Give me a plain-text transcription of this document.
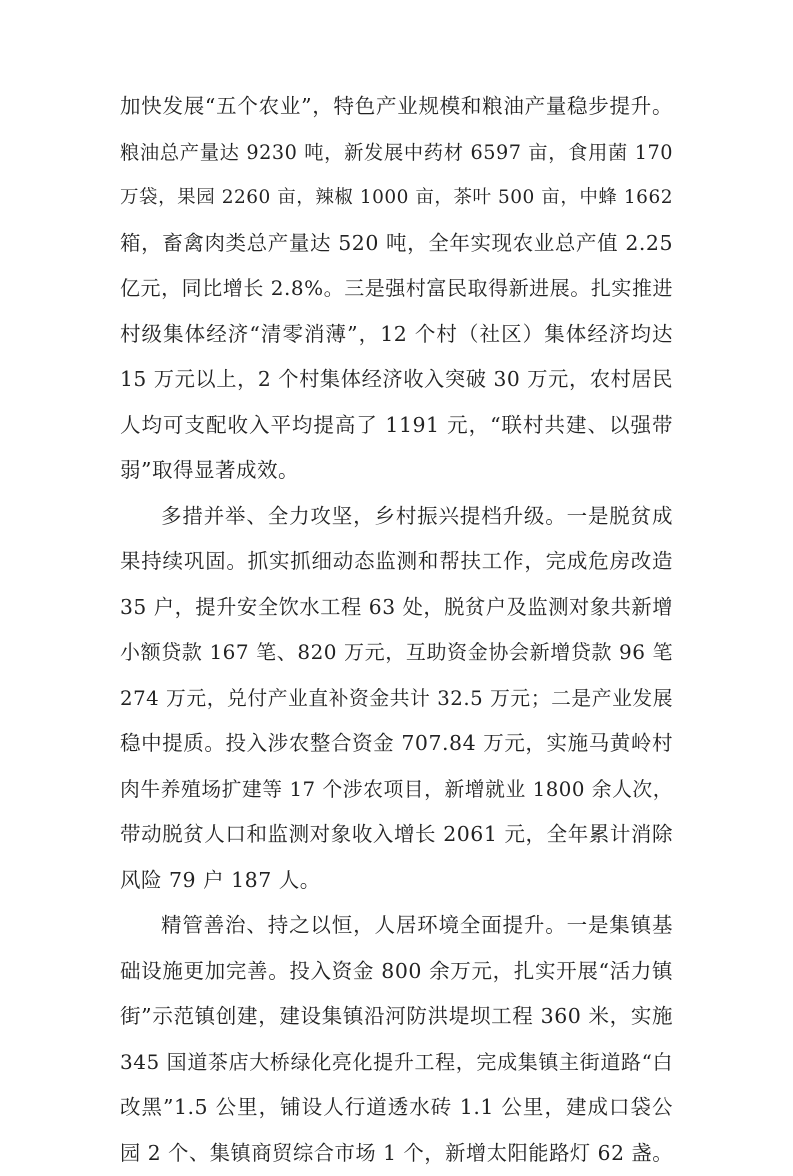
加快发展“五个农业”，特色产业规模和粮油产量稳步提升。
粮油总产量达 9230 吨，新发展中药材 6597 亩，食用菌 170
万袋，果园 2260 亩，辣椒 1000 亩，茶叶 500 亩，中蜂 1662
箱，畜禽肉类总产量达 520 吨，全年实现农业总产值 2.25
亿元，同比增长 2.8%。三是强村富民取得新进展。扎实推进
村级集体经济“清零消薄”，12 个村（社区）集体经济均达
15 万元以上，2 个村集体经济收入突破 30 万元，农村居民
人均可支配收入平均提高了 1191 元，“联村共建、以强带
弱”取得显著成效。
多措并举、全力攻坚，乡村振兴提档升级。一是脱贫成
果持续巩固。抓实抓细动态监测和帮扶工作，完成危房改造
35 户，提升安全饮水工程 63 处，脱贫户及监测对象共新增
小额贷款 167 笔、820 万元，互助资金协会新增贷款 96 笔
274 万元，兑付产业直补资金共计 32.5 万元；二是产业发展
稳中提质。投入涉农整合资金 707.84 万元，实施马黄岭村
肉牛养殖场扩建等 17 个涉农项目，新增就业 1800 余人次，
带动脱贫人口和监测对象收入增长 2061 元，全年累计消除
风险 79 户 187 人。
精管善治、持之以恒，人居环境全面提升。一是集镇基
础设施更加完善。投入资金 800 余万元，扎实开展“活力镇
街”示范镇创建，建设集镇沿河防洪堤坝工程 360 米，实施
345 国道茶店大桥绿化亮化提升工程，完成集镇主街道路“白
改黑”1.5 公里，铺设人行道透水砖 1.1 公里，建成口袋公
园 2 个、集镇商贸综合市场 1 个，新增太阳能路灯 62 盏。
